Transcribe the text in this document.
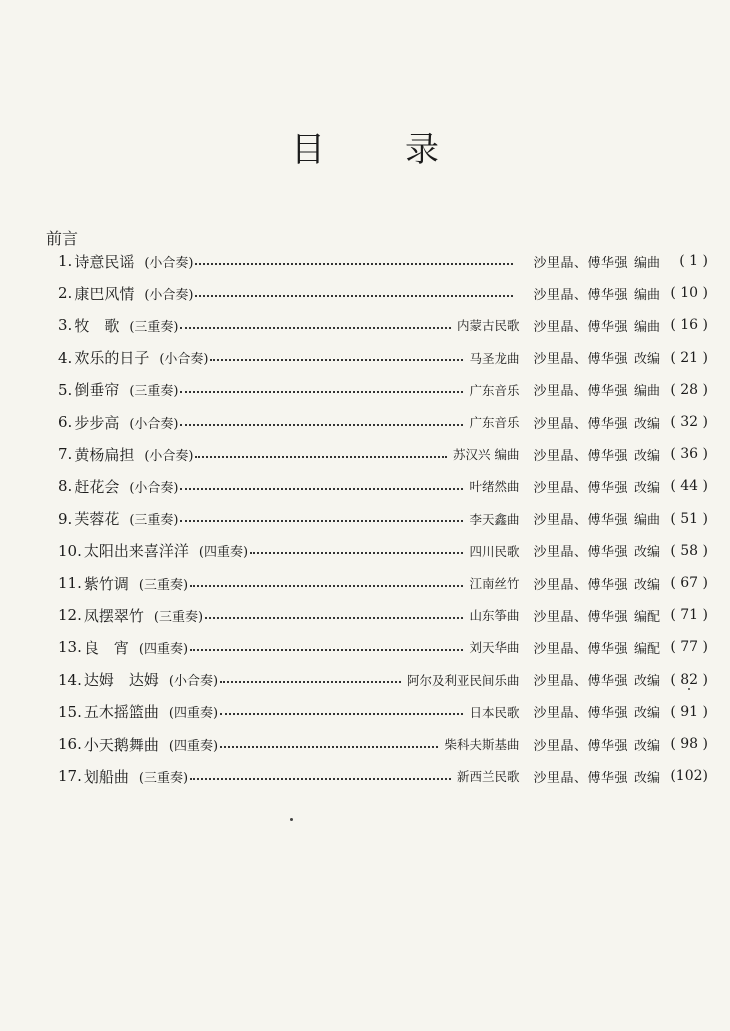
目 录
前言
1. 诗意民谣 (小合奏)	沙里晶、傅华强 编曲	( 1 )
2. 康巴风情 (小合奏)	沙里晶、傅华强 编曲 ( 10 )
3. 牧　歌 (三重奏)	内蒙古民歌 沙里晶、傅华强 编曲 ( 16 )
4. 欢乐的日子 (小合奏)	马圣龙曲 沙里晶、傅华强 改编 ( 21 )
5. 倒垂帘 (三重奏)	广东音乐 沙里晶、傅华强 编曲 ( 28 )
6. 步步高 (小合奏)	广东音乐 沙里晶、傅华强 改编 ( 32 )
7. 黄杨扁担 (小合奏)	苏汉兴 编曲 沙里晶、傅华强 改编 ( 36 )
8. 赶花会 (小合奏)	叶绪然曲 沙里晶、傅华强 改编 ( 44 )
9. 芙蓉花 (三重奏)	李天鑫曲 沙里晶、傅华强 编曲 ( 51 )
10. 太阳出来喜洋洋 (四重奏)	四川民歌 沙里晶、傅华强 改编 ( 58 )
11. 紫竹调 (三重奏)	江南丝竹 沙里晶、傅华强 改编 ( 67 )
12. 凤摆翠竹 (三重奏)	山东筝曲 沙里晶、傅华强 编配 ( 71 )
13. 良　宵 (四重奏)	刘天华曲 沙里晶、傅华强 编配 ( 77 )
14. 达姆　达姆 (小合奏)	阿尔及利亚民间乐曲 沙里晶、傅华强 改编 ( 82 )
15. 五木摇篮曲 (四重奏)	日本民歌 沙里晶、傅华强 改编 ( 91 )
16. 小天鹅舞曲 (四重奏)	柴科夫斯基曲 沙里晶、傅华强 改编 ( 98 )
17. 划船曲 (三重奏)	新西兰民歌 沙里晶、傅华强 改编 (102)
